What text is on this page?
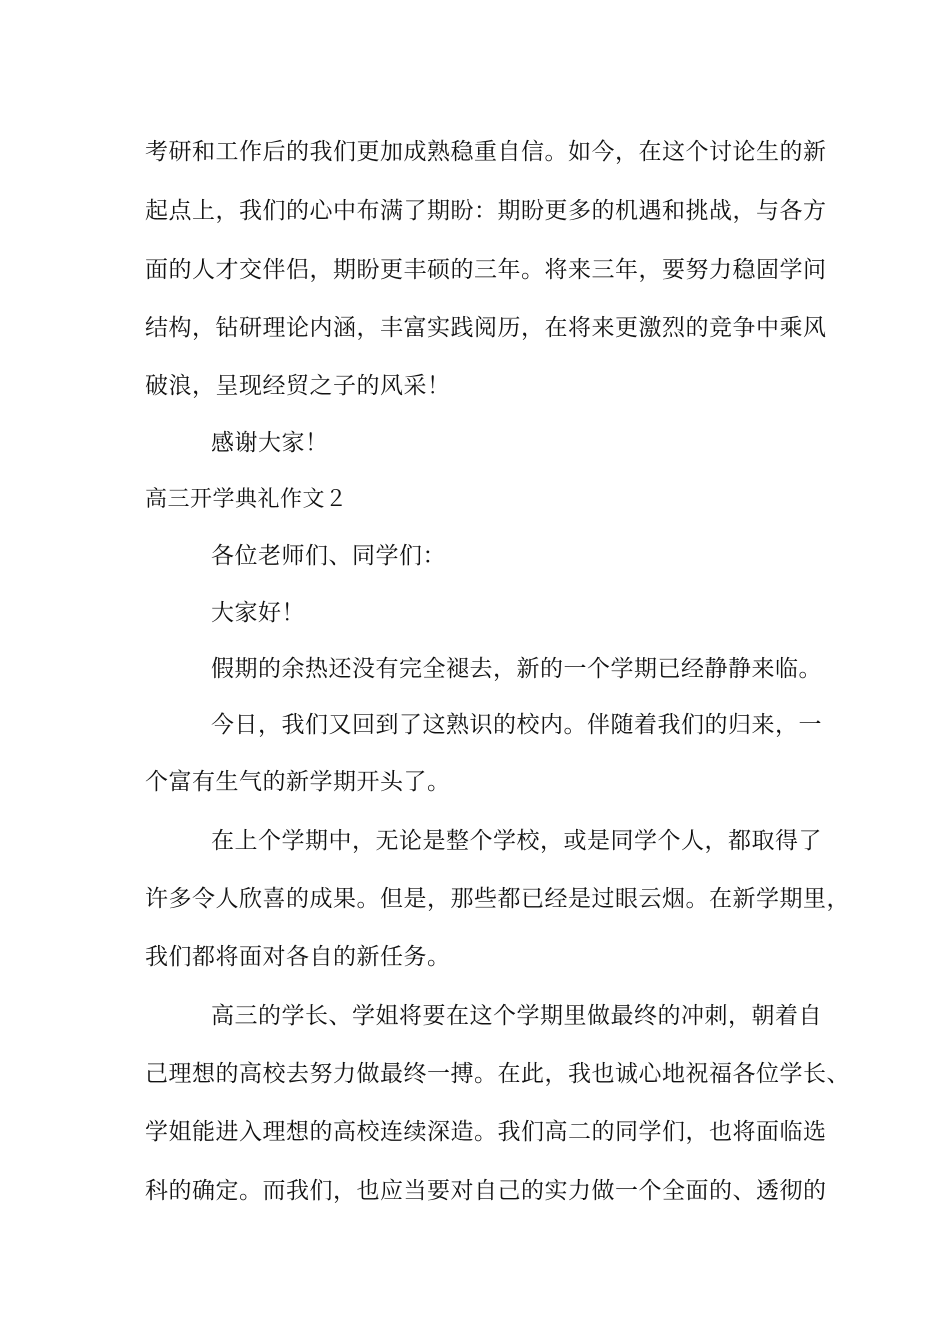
考研和工作后的我们更加成熟稳重自信。如今，在这个讨论生的新
起点上，我们的心中布满了期盼：期盼更多的机遇和挑战，与各方
面的人才交伴侣，期盼更丰硕的三年。将来三年，要努力稳固学问
结构，钻研理论内涵，丰富实践阅历，在将来更激烈的竞争中乘风
破浪，呈现经贸之子的风采！
感谢大家！
高三开学典礼作文２
各位老师们、同学们：
大家好！
假期的余热还没有完全褪去，新的一个学期已经静静来临。
今日，我们又回到了这熟识的校内。伴随着我们的归来，一
个富有生气的新学期开头了。
在上个学期中，无论是整个学校，或是同学个人，都取得了
许多令人欣喜的成果。但是，那些都已经是过眼云烟。在新学期里，
我们都将面对各自的新任务。
高三的学长、学姐将要在这个学期里做最终的冲刺，朝着自
己理想的高校去努力做最终一搏。在此，我也诚心地祝福各位学长、
学姐能进入理想的高校连续深造。我们高二的同学们，也将面临选
科的确定。而我们，也应当要对自己的实力做一个全面的、透彻的
